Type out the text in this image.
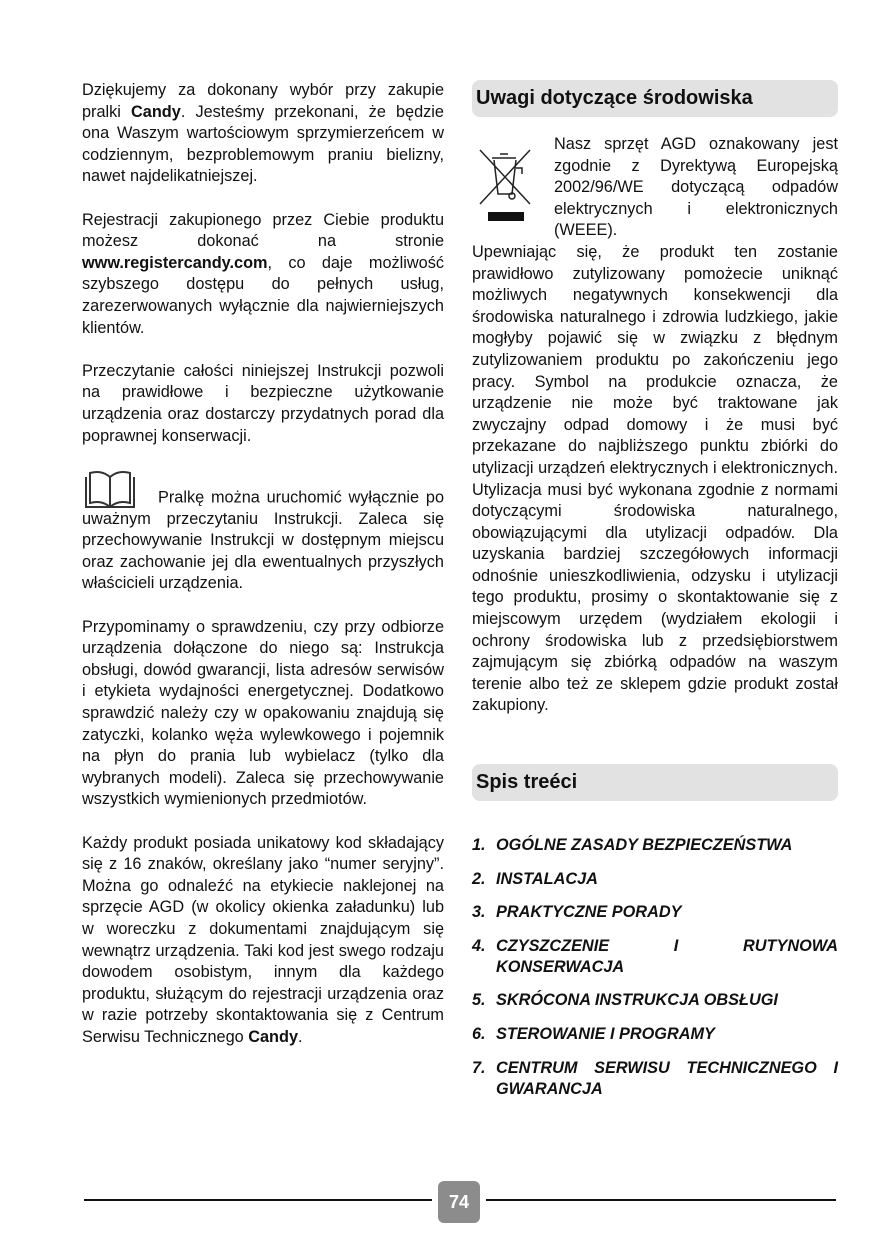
Dziękujemy za dokonany wybór przy zakupie pralki Candy. Jesteśmy przekonani, że będzie ona Waszym wartościowym sprzymierzeńcem w codziennym, bezproblemowym praniu bielizny, nawet najdelikatniejszej.

Rejestracji zakupionego przez Ciebie produktu możesz dokonać na stronie www.registercandy.com, co daje możliwość szybszego dostępu do pełnych usług, zarezerwowanych wyłącznie dla najwierniejszych klientów.

Przeczytanie całości niniejszej Instrukcji pozwoli na prawidłowe i bezpieczne użytkowanie urządzenia oraz dostarczy przydatnych porad dla poprawnej konserwacji.

Pralkę można uruchomić wyłącznie po uważnym przeczytaniu Instrukcji. Zaleca się przechowywanie Instrukcji w dostępnym miejscu oraz zachowanie jej dla ewentualnych przyszłych właścicieli urządzenia.

Przypominamy o sprawdzeniu, czy przy odbiorze urządzenia dołączone do niego są: Instrukcja obsługi, dowód gwarancji, lista adresów serwisów i etykieta wydajności energetycznej. Dodatkowo sprawdzić należy czy w opakowaniu znajdują się zatyczki, kolanko węża wylewkowego i pojemnik na płyn do prania lub wybielacz (tylko dla wybranych modeli). Zaleca się przechowywanie wszystkich wymienionych przedmiotów.

Każdy produkt posiada unikatowy kod składający się z 16 znaków, określany jako “numer seryjny”. Można go odnaleźć na etykiecie naklejonej na sprzęcie AGD (w okolicy okienka załadunku) lub w woreczku z dokumentami znajdującym się wewnątrz urządzenia. Taki kod jest swego rodzaju dowodem osobistym, innym dla każdego produktu, służącym do rejestracji urządzenia oraz w razie potrzeby skontaktowania się z Centrum Serwisu Technicznego Candy.

Uwagi dotyczące środowiska
Nasz sprzęt AGD oznakowany jest zgodnie z Dyrektywą Europejską 2002/96/WE dotyczącą odpadów elektrycznych i elektronicznych (WEEE).

Upewniając się, że produkt ten zostanie prawidłowo zutylizowany pomożecie uniknąć możliwych negatywnych konsekwencji dla środowiska naturalnego i zdrowia ludzkiego, jakie mogłyby pojawić się w związku z błędnym zutylizowaniem produktu po zakończeniu jego pracy. Symbol na produkcie oznacza, że urządzenie nie może być traktowane jak zwyczajny odpad domowy i że musi być przekazane do najbliższego punktu zbiórki do utylizacji urządzeń elektrycznych i elektronicznych. Utylizacja musi być wykonana zgodnie z normami dotyczącymi środowiska naturalnego, obowiązującymi dla utylizacji odpadów. Dla uzyskania bardziej szczegółowych informacji odnośnie unieszkodliwienia, odzysku i utylizacji tego produktu, prosimy o skontaktowanie się z miejscowym urzędem (wydziałem ekologii i ochrony środowiska lub z przedsiębiorstwem zajmującym się zbiórką odpadów na waszym terenie albo też ze sklepem gdzie produkt został zakupiony.

Spis treéci
1. OGÓLNE ZASADY BEZPIECZEŃSTWA
2. INSTALACJA
3. PRAKTYCZNE PORADY
4. CZYSZCZENIE I RUTYNOWA KONSERWACJA
5. SKRÓCONA INSTRUKCJA OBSŁUGI
6. STEROWANIE I PROGRAMY
7. CENTRUM SERWISU TECHNICZNEGO I GWARANCJA
74
